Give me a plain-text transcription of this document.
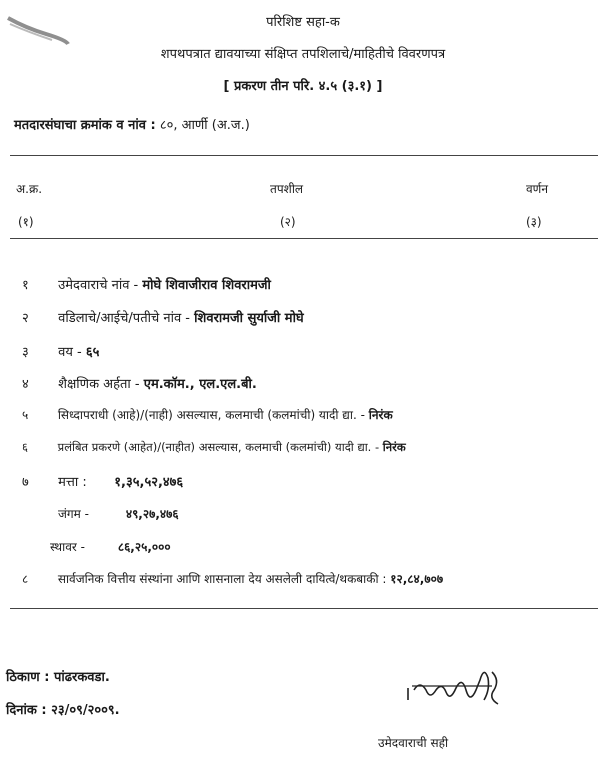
परिशिष्ट सहा-क
शपथपत्रात द्यावयाच्या संक्षिप्त तपशिलाचे/माहितीचे विवरणपत्र
[ प्रकरण तीन परि. ४.५ (३.१) ]
मतदारसंघाचा क्रमांक व नांव : ८०, आर्णी (अ.ज.)
अ.क्र.	तपशील	वर्णन
(१)	(२)	(३)
१ उमेदवाराचे नांव - मोघे शिवाजीराव शिवरामजी
२ वडिलाचे/आईचे/पतीचे नांव - शिवरामजी सुर्याजी मोघे
३ वय - ६५
४ शैक्षणिक अर्हता - एम.कॉम., एल.एल.बी.
५ सिध्दापराधी (आहे)/(नाही) असल्यास, कलमाची (कलमांची) यादी द्या. - निरंक
६	प्रलंबित प्रकरणे (आहेत)/(नाहीत) असल्यास, कलमाची (कलमांची) यादी द्या. - निरंक
७ मत्ता : १,३५,५२,४७६
जंगम -	४९,२७,४७६
स्थावर -	८६,२५,०००
८ सार्वजनिक वित्तीय संस्थांना आणि शासनाला देय असलेली दायित्वे/थकबाकी : १२,८४,७०७
ठिकाण : पांढरकवडा.
दिनांक : २३/०९/२००९.
उमेदवाराची सही
